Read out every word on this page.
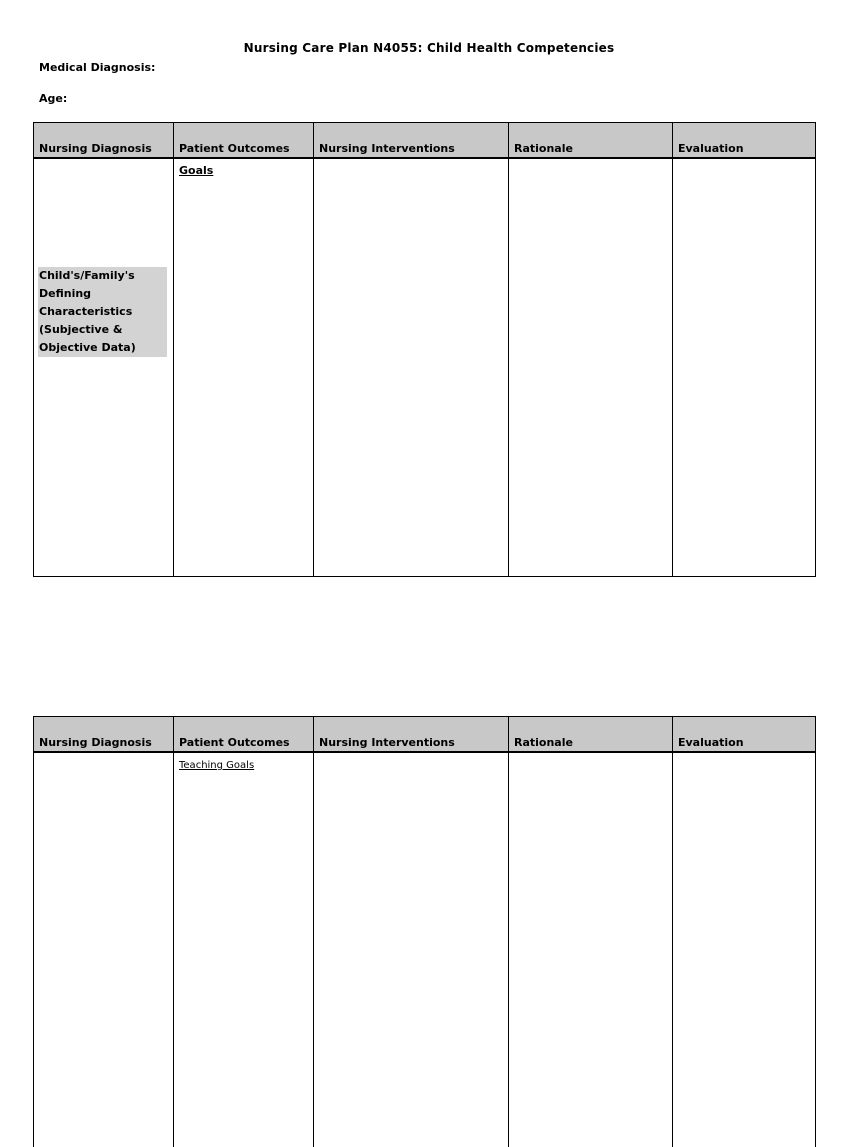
Nursing Care Plan N4055: Child Health Competencies
Medical Diagnosis:
Age:
Nursing Diagnosis	Patient Outcomes	Nursing Interventions	Rationale	Evaluation

Child's/Family's Defining Characteristics (Subjective & Objective Data)	Goals			
Nursing Diagnosis	Patient Outcomes	Nursing Interventions	Rationale	Evaluation
	Teaching Goals			
